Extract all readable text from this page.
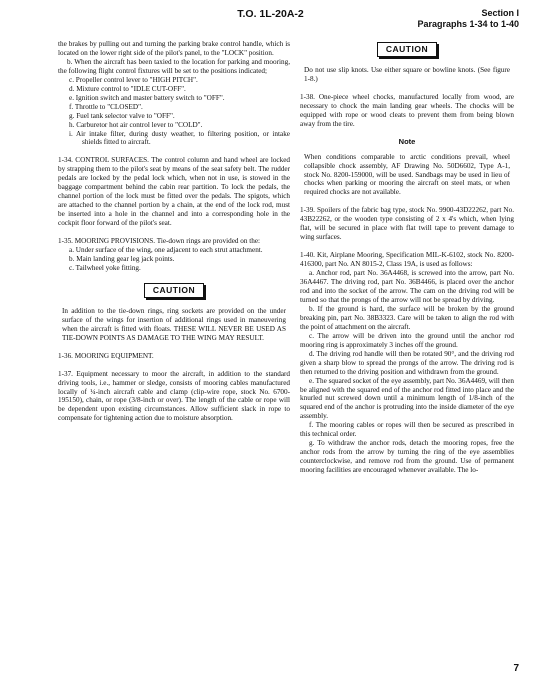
T.O. 1L-20A-2	Section I
Paragraphs 1-34 to 1-40

the brakes by pulling out and turning the parking brake control handle, which is located on the lower right side of the pilot's panel, to the "LOCK" position.

b. When the aircraft has been taxied to the location for parking and mooring, the following flight control fixtures will be set to the positions indicated;

c. Propeller control lever to "HIGH PITCH".

d. Mixture control to "IDLE CUT-OFF".

e. Ignition switch and master battery switch to "OFF".

f. Throttle to "CLOSED".

g. Fuel tank selector valve to "OFF".

h. Carburetor hot air control lever to "COLD".

i. Air intake filter, during dusty weather, to filtering position, or intake shields fitted to aircraft.

1-34. CONTROL SURFACES. The control column and hand wheel are locked by strapping them to the pilot's seat by means of the seat safety belt. The rudder pedals are locked by the pedal lock which, when not in use, is stowed in the baggage compartment behind the cabin rear partition. To lock the pedals, the channel portion of the lock must be fitted over the pedals. The spigots, which are attached to the channel portion by a chain, at the end of the lock rod, must be inserted into a hole in the channel and into a corresponding hole in the cockpit floor forward of the pilot's seat.

1-35. MOORING PROVISIONS. Tie-down rings are provided on the:

a. Under surface of the wing, one adjacent to each strut attachment.

b. Main landing gear leg jack points.

c. Tailwheel yoke fitting.

CAUTION

In addition to the tie-down rings, ring sockets are provided on the under surface of the wings for insertion of additional rings used in maneuvering when the aircraft is fitted with floats. THESE WILL NEVER BE USED AS TIE-DOWN POINTS AS DAMAGE TO THE WING MAY RESULT.

1-36. MOORING EQUIPMENT.

1-37. Equipment necessary to moor the aircraft, in addition to the standard driving tools, i.e., hammer or sledge, consists of mooring cables manufactured locally of ¼-inch aircraft cable and clamp (clip-wire rope, stock No. 6700-195150), chain, or rope (3/8-inch or over). The length of the cable or rope will be dependent upon existing circumstances. Allow sufficient slack in rope to compensate for tightening action due to moisture absorption.

CAUTION

Do not use slip knots. Use either square or bowline knots. (See figure 1-8.)

1-38. One-piece wheel chocks, manufactured locally from wood, are necessary to chock the main landing gear wheels. The chocks will be equipped with rope or wood cleats to prevent them from being blown away from the tire.

Note

When conditions comparable to arctic conditions prevail, wheel collapsible chock assembly, AF Drawing No. 50D6602, Type A-1, stock No. 8200-159000, will be used. Sandbags may be used in lieu of chocks when parking or mooring the aircraft on steel mats, or when required chocks are not available.

1-39. Spoilers of the fabric bag type, stock No. 9900-43D22262, part No. 43B22262, or the wooden type consisting of 2 x 4's which, when lying flat, will be secured in place with flat twill tape to prevent damage to wing surfaces.

1-40. Kit, Airplane Mooring, Specification MIL-K-6102, stock No. 8200-416300, part No. AN 8015-2, Class 19A, is used as follows:

a. Anchor rod, part No. 36A4468, is screwed into the arrow, part No. 36A4467. The driving rod, part No. 36B4466, is placed over the anchor rod and into the socket of the arrow. The cam on the driving rod will be turned so that the prongs of the arrow will not be spread by driving.

b. If the ground is hard, the surface will be broken by the ground breaking pin, part No. 38B3323. Care will be taken to align the rod with the point of attachment on the aircraft.

c. The arrow will be driven into the ground until the anchor rod mooring ring is approximately 3 inches off the ground.

d. The driving rod handle will then be rotated 90°, and the driving rod given a sharp blow to spread the prongs of the arrow. The driving rod is then returned to the driving position and withdrawn from the ground.

e. The squared socket of the eye assembly, part No. 36A4469, will then be aligned with the squared end of the anchor rod fitted into place and the knurled nut screwed down until a minimum length of 1/8-inch of the squared end of the anchor is protruding into the inside diameter of the eye assembly.

f. The mooring cables or ropes will then be secured as prescribed in this technical order.

g. To withdraw the anchor rods, detach the mooring ropes, free the anchor rods from the arrow by turning the ring of the eye assemblies counterclockwise, and remove rod from the ground. Use of permanent mooring facilities are encouraged whenever available. The lo-

7
